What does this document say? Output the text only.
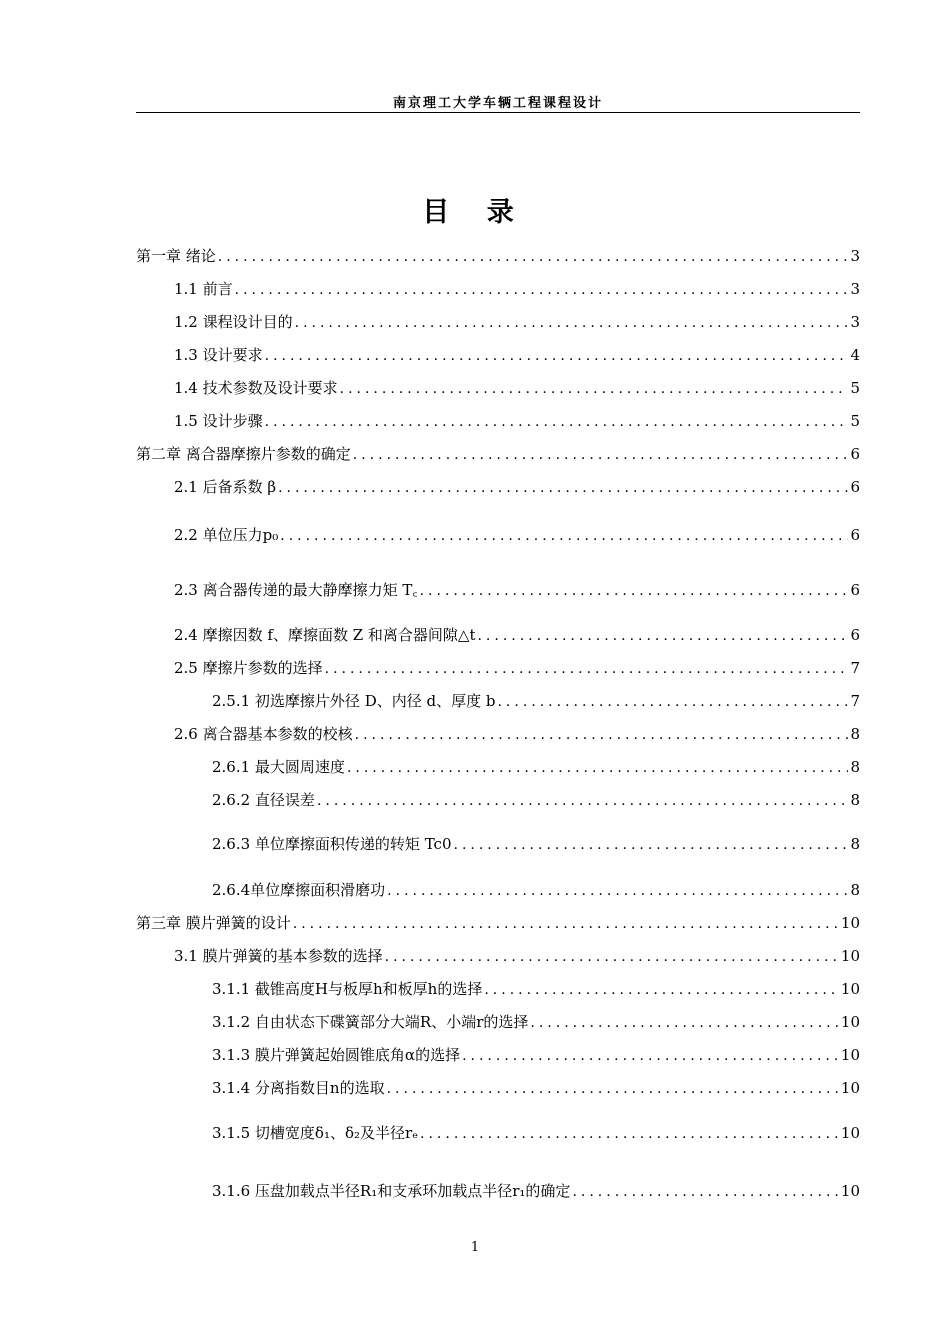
南京理工大学车辆工程课程设计
目 录
第一章 绪论 .....	3
1.1 前言 .....	3
1.2 课程设计目的 .....	3
1.3 设计要求 .....	4
1.4 技术参数及设计要求 .....	5
1.5 设计步骤 .....	5
第二章 离合器摩擦片参数的确定 .....	6
2.1 后备系数 β .....	6
2.2 单位压力p₀ .....	6
2.3 离合器传递的最大静摩擦力矩 T꜀ .....	6
2.4 摩擦因数 f、摩擦面数 Z 和离合器间隙△t .....	6
2.5 摩擦片参数的选择 .....	7
2.5.1 初选摩擦片外径 D、内径 d、厚度 b .....	7
2.6 离合器基本参数的校核 .....	8
2.6.1 最大圆周速度 .....	8
2.6.2 直径误差 .....	8
2.6.3 单位摩擦面积传递的转矩 Tc0 .....	8
2.6.4单位摩擦面积滑磨功 .....	8
第三章 膜片弹簧的设计 .....	10
3.1 膜片弹簧的基本参数的选择 .....	10
3.1.1 截锥高度H与板厚h和板厚h的选择 .....	10
3.1.2 自由状态下碟簧部分大端R、小端r的选择 .....	10
3.1.3 膜片弹簧起始圆锥底角α的选择 .....	10
3.1.4 分离指数目n的选取 .....	10
3.1.5 切槽宽度δ₁、δ₂及半径rₑ .....	10
3.1.6 压盘加载点半径R₁和支承环加载点半径r₁的确定 .....	10
1
